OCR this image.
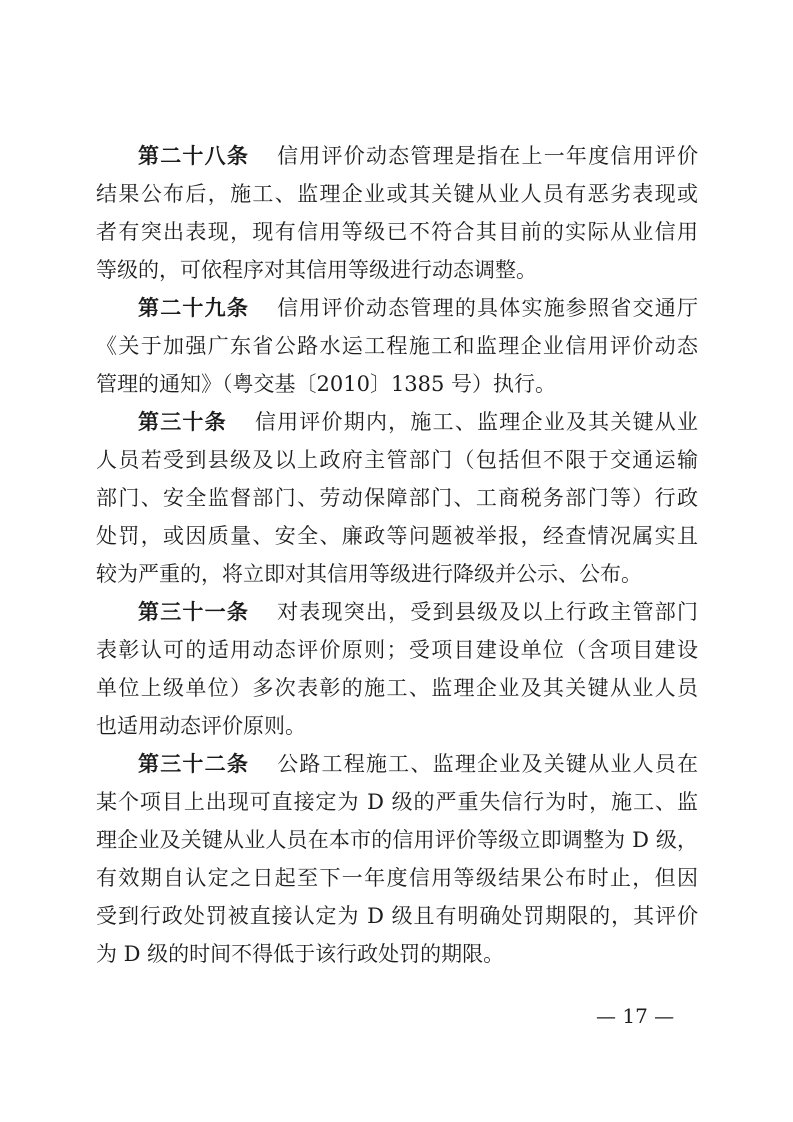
第二十八条 信用评价动态管理是指在上一年度信用评价
结果公布后，施工、监理企业或其关键从业人员有恶劣表现或
者有突出表现，现有信用等级已不符合其目前的实际从业信用
等级的，可依程序对其信用等级进行动态调整。
第二十九条 信用评价动态管理的具体实施参照省交通厅
《关于加强广东省公路水运工程施工和监理企业信用评价动态
管理的通知》（粤交基〔2010〕1385 号）执行。
第三十条 信用评价期内，施工、监理企业及其关键从业
人员若受到县级及以上政府主管部门（包括但不限于交通运输
部门、安全监督部门、劳动保障部门、工商税务部门等）行政
处罚，或因质量、安全、廉政等问题被举报，经查情况属实且
较为严重的，将立即对其信用等级进行降级并公示、公布。
第三十一条 对表现突出，受到县级及以上行政主管部门
表彰认可的适用动态评价原则；受项目建设单位（含项目建设
单位上级单位）多次表彰的施工、监理企业及其关键从业人员
也适用动态评价原则。
第三十二条 公路工程施工、监理企业及关键从业人员在
某个项目上出现可直接定为 D 级的严重失信行为时，施工、监
理企业及关键从业人员在本市的信用评价等级立即调整为 D 级，
有效期自认定之日起至下一年度信用等级结果公布时止，但因
受到行政处罚被直接认定为 D 级且有明确处罚期限的，其评价
为 D 级的时间不得低于该行政处罚的期限。
— 17 —
